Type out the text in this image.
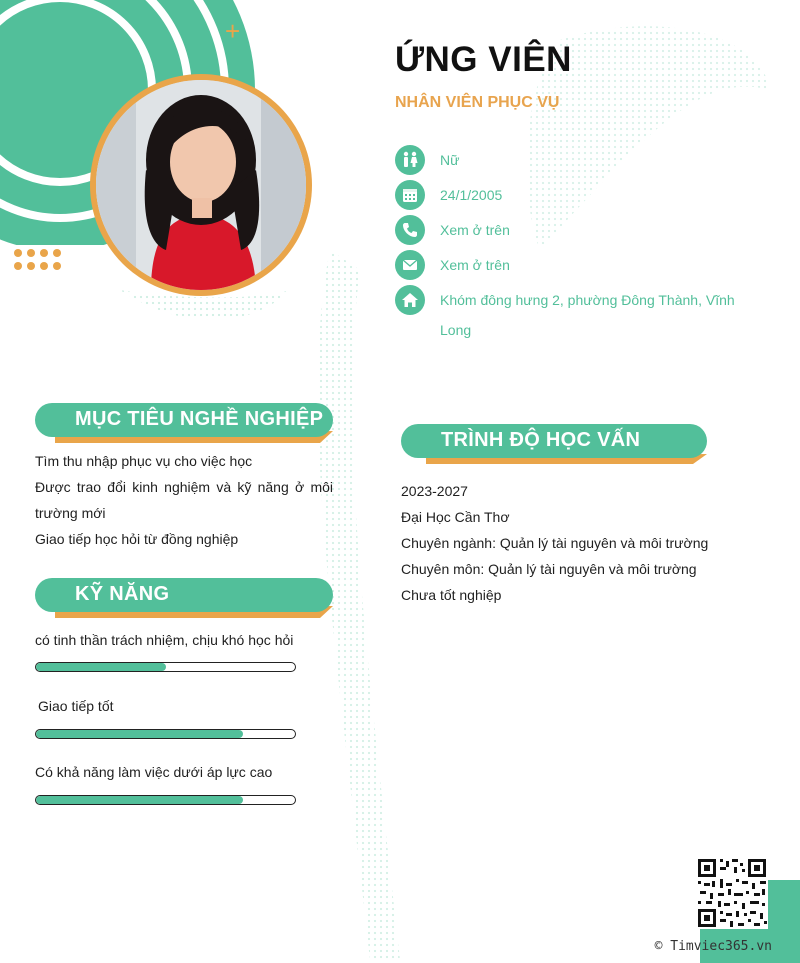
+
ỨNG VIÊN
NHÂN VIÊN PHỤC VỤ
Nữ
24/1/2005
Xem ở trên
Xem ở trên
Khóm đông hưng 2, phường Đông Thành, Vĩnh
Long
MỤC TIÊU NGHỀ NGHIỆP
Tìm thu nhập phục vụ cho việc học
Được trao đổi kinh nghiệm và kỹ năng ở môi trường mới
Giao tiếp học hỏi từ đồng nghiệp
KỸ NĂNG
có tinh thần trách nhiệm, chịu khó học hỏi
Giao tiếp tốt
Có khả năng làm việc dưới áp lực cao
TRÌNH ĐỘ HỌC VẤN
2023-2027
Đại Học Cần Thơ
Chuyên ngành: Quản lý tài nguyên và môi trường
Chuyên môn: Quản lý tài nguyên và môi trường
Chưa tốt nghiệp
© Timviec365.vn
